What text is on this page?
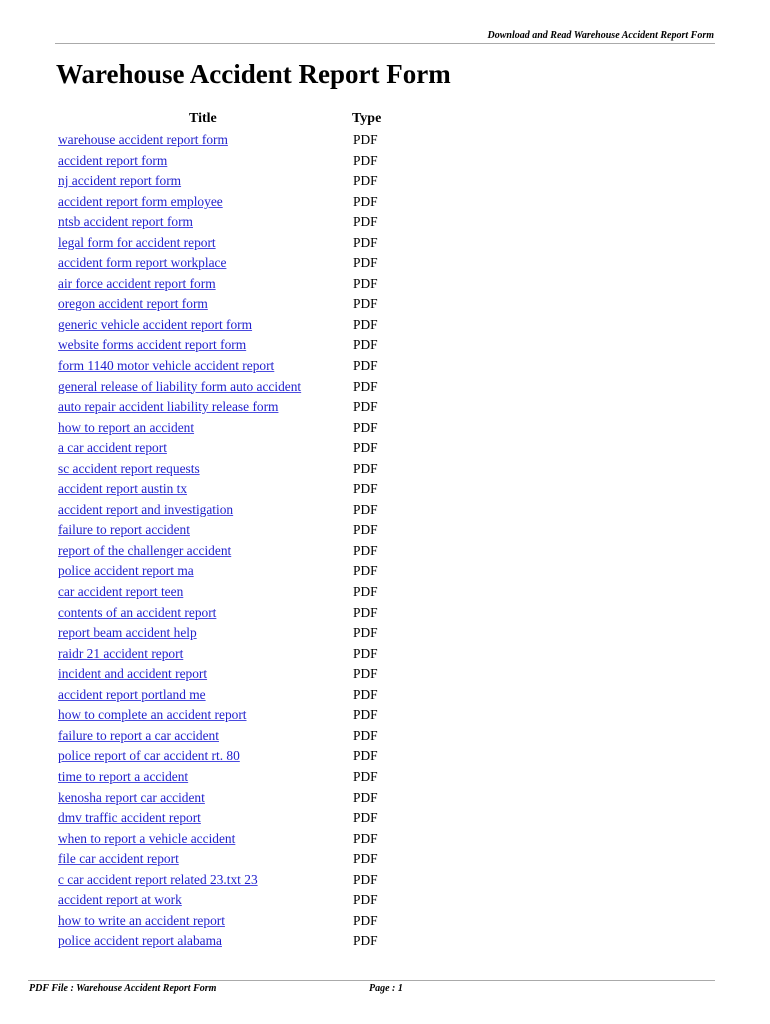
Download and Read Warehouse Accident Report Form
Warehouse Accident Report Form
Title	Type
warehouse accident report form	PDF
accident report form	PDF
nj accident report form	PDF
accident report form employee	PDF
ntsb accident report form	PDF
legal form for accident report	PDF
accident form report workplace	PDF
air force accident report form	PDF
oregon accident report form	PDF
generic vehicle accident report form	PDF
website forms accident report form	PDF
form 1140 motor vehicle accident report	PDF
general release of liability form auto accident	PDF
auto repair accident liability release form	PDF
how to report an accident	PDF
a car accident report	PDF
sc accident report requests	PDF
accident report austin tx	PDF
accident report and investigation	PDF
failure to report accident	PDF
report of the challenger accident	PDF
police accident report ma	PDF
car accident report teen	PDF
contents of an accident report	PDF
report beam accident help	PDF
raidr 21 accident report	PDF
incident and accident report	PDF
accident report portland me	PDF
how to complete an accident report	PDF
failure to report a car accident	PDF
police report of car accident rt. 80	PDF
time to report a accident	PDF
kenosha report car accident	PDF
dmv traffic accident report	PDF
when to report a vehicle accident	PDF
file car accident report	PDF
c car accident report related 23.txt 23	PDF
accident report at work	PDF
how to write an accident report	PDF
police accident report alabama	PDF
PDF File : Warehouse Accident Report Form	Page : 1
